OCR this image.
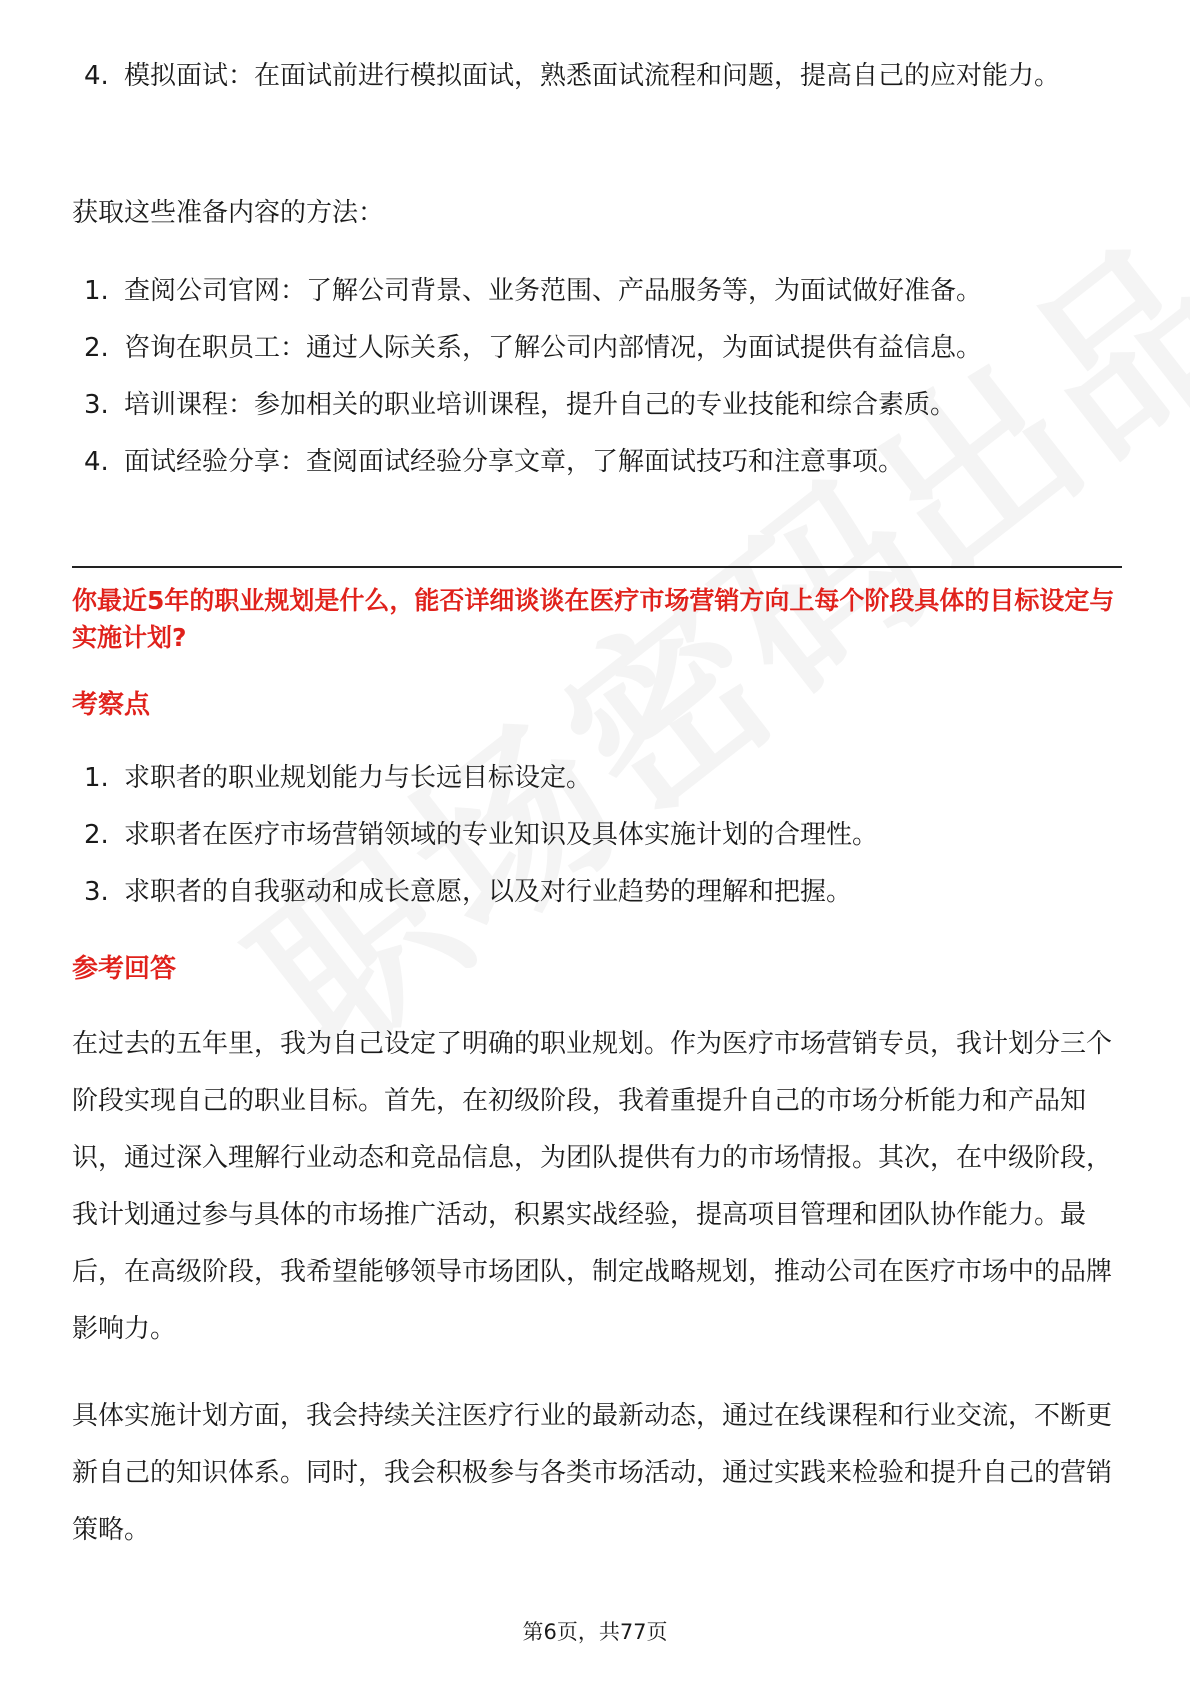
4. 模拟面试：在面试前进行模拟面试，熟悉面试流程和问题，提高自己的应对能力。

获取这些准备内容的方法：

1. 查阅公司官网：了解公司背景、业务范围、产品服务等，为面试做好准备。
2. 咨询在职员工：通过人际关系，了解公司内部情况，为面试提供有益信息。
3. 培训课程：参加相关的职业培训课程，提升自己的专业技能和综合素质。
4. 面试经验分享：查阅面试经验分享文章，了解面试技巧和注意事项。
你最近5年的职业规划是什么，能否详细谈谈在医疗市场营销方向上每个阶段具体的目标设定与实施计划?
考察点
1. 求职者的职业规划能力与长远目标设定。
2. 求职者在医疗市场营销领域的专业知识及具体实施计划的合理性。
3. 求职者的自我驱动和成长意愿，以及对行业趋势的理解和把握。
参考回答

在过去的五年里，我为自己设定了明确的职业规划。作为医疗市场营销专员，我计划分三个阶段实现自己的职业目标。首先，在初级阶段，我着重提升自己的市场分析能力和产品知识，通过深入理解行业动态和竞品信息，为团队提供有力的市场情报。其次，在中级阶段，我计划通过参与具体的市场推广活动，积累实战经验，提高项目管理和团队协作能力。最后，在高级阶段，我希望能够领导市场团队，制定战略规划，推动公司在医疗市场中的品牌影响力。

具体实施计划方面，我会持续关注医疗行业的最新动态，通过在线课程和行业交流，不断更新自己的知识体系。同时，我会积极参与各类市场活动，通过实践来检验和提升自己的营销策略。

第6页，共77页
